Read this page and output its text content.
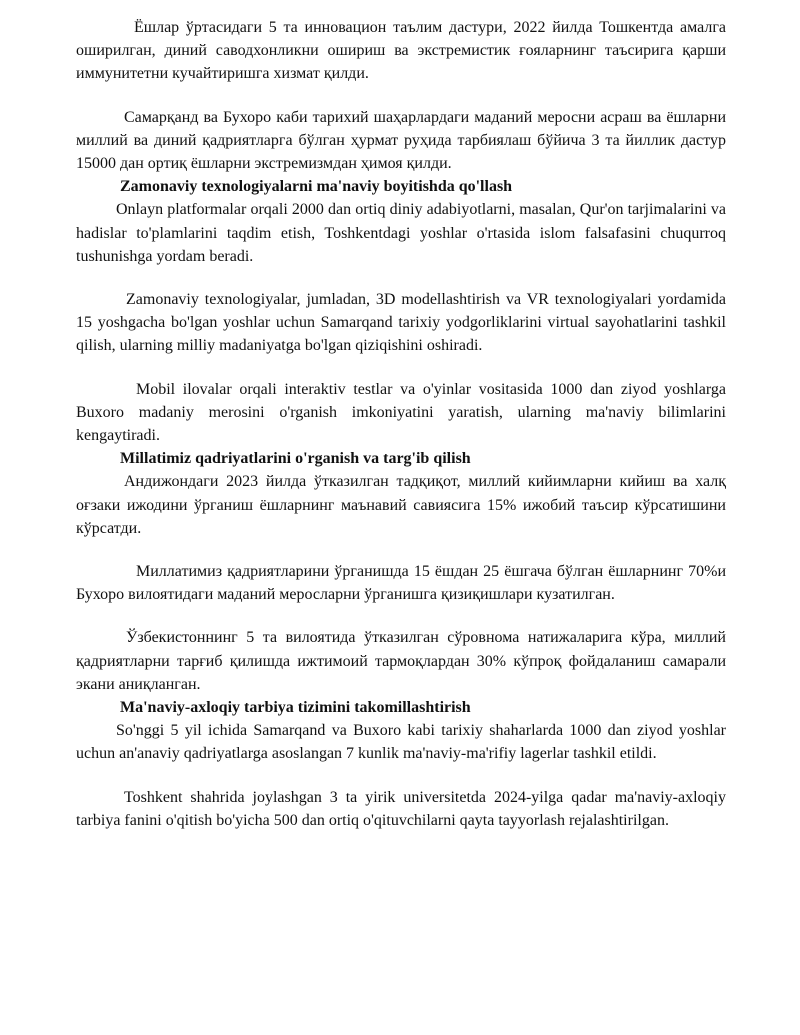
Ёшлар ўртасидаги 5 та инновацион таълим дастури, 2022 йилда Тошкентда амалга оширилган, диний саводхонликни ошириш ва экстремистик ғояларнинг таъсирига қарши иммунитетни кучайтиришга хизмат қилди.

Самарқанд ва Бухоро каби тарихий шаҳарлардаги маданий меросни асраш ва ёшларни миллий ва диний қадриятларга бўлган ҳурмат руҳида тарбиялаш бўйича 3 та йиллик дастур 15000 дан ортиқ ёшларни экстремизмдан ҳимоя қилди.

Zamonaviy texnologiyalarni ma'naviy boyitishda qo'llash

Onlayn platformalar orqali 2000 dan ortiq diniy adabiyotlarni, masalan, Qur'on tarjimalarini va hadislar to'plamlarini taqdim etish, Toshkentdagi yoshlar o'rtasida islom falsafasini chuqurroq tushunishga yordam beradi.

Zamonaviy texnologiyalar, jumladan, 3D modellashtirish va VR texnologiyalari yordamida 15 yoshgacha bo'lgan yoshlar uchun Samarqand tarixiy yodgorliklarini virtual sayohatlarini tashkil qilish, ularning milliy madaniyatga bo'lgan qiziqishini oshiradi.

Mobil ilovalar orqali interaktiv testlar va o'yinlar vositasida 1000 dan ziyod yoshlarga Buxoro madaniy merosini o'rganish imkoniyatini yaratish, ularning ma'naviy bilimlarini kengaytiradi.

Millatimiz qadriyatlarini o'rganish va targ'ib qilish

Андижондаги 2023 йилда ўтказилган тадқиқот, миллий кийимларни кийиш ва халқ оғзаки ижодини ўрганиш ёшларнинг маънавий савиясига 15% ижобий таъсир кўрсатишини кўрсатди.

Миллатимиз қадриятларини ўрганишда 15 ёшдан 25 ёшгача бўлган ёшларнинг 70%и Бухоро вилоятидаги маданий меросларни ўрганишга қизиқишлари кузатилган.

Ўзбекистоннинг 5 та вилоятида ўтказилган сўровнома натижаларига кўра, миллий қадриятларни тарғиб қилишда ижтимоий тармоқлардан 30% кўпроқ фойдаланиш самарали экани аниқланган.

Ma'naviy-axloqiy tarbiya tizimini takomillashtirish

So'nggi 5 yil ichida Samarqand va Buxoro kabi tarixiy shaharlarda 1000 dan ziyod yoshlar uchun an'anaviy qadriyatlarga asoslangan 7 kunlik ma'naviy-ma'rifiy lagerlar tashkil etildi.

Toshkent shahrida joylashgan 3 ta yirik universitetda 2024-yilga qadar ma'naviy-axloqiy tarbiya fanini o'qitish bo'yicha 500 dan ortiq o'qituvchilarni qayta tayyorlash rejalashtirilgan.
